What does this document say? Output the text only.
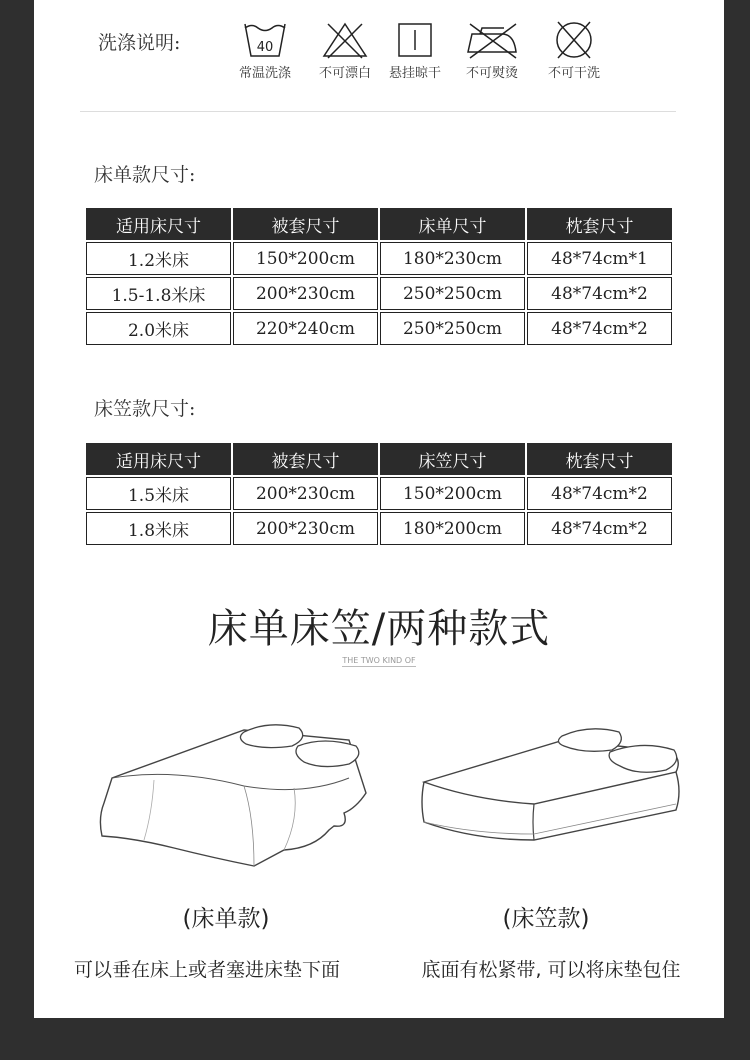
洗涤说明:	40
常温洗涤	不可漂白	悬挂晾干	不可熨烫	不可干洗
床单款尺寸:
适用床尺寸	被套尺寸	床单尺寸	枕套尺寸
1.2米床	150*200cm	180*230cm	48*74cm*1
1.5-1.8米床	200*230cm	250*250cm	48*74cm*2
2.0米床	220*240cm	250*250cm	48*74cm*2
床笠款尺寸:
适用床尺寸	被套尺寸	床笠尺寸	枕套尺寸
1.5米床	200*230cm	150*200cm	48*74cm*2
1.8米床	200*230cm	180*200cm	48*74cm*2
床单床笠/两种款式
THE TWO KIND OF
(床单款)	(床笠款)
可以垂在床上或者塞进床垫下面	底面有松紧带, 可以将床垫包住
